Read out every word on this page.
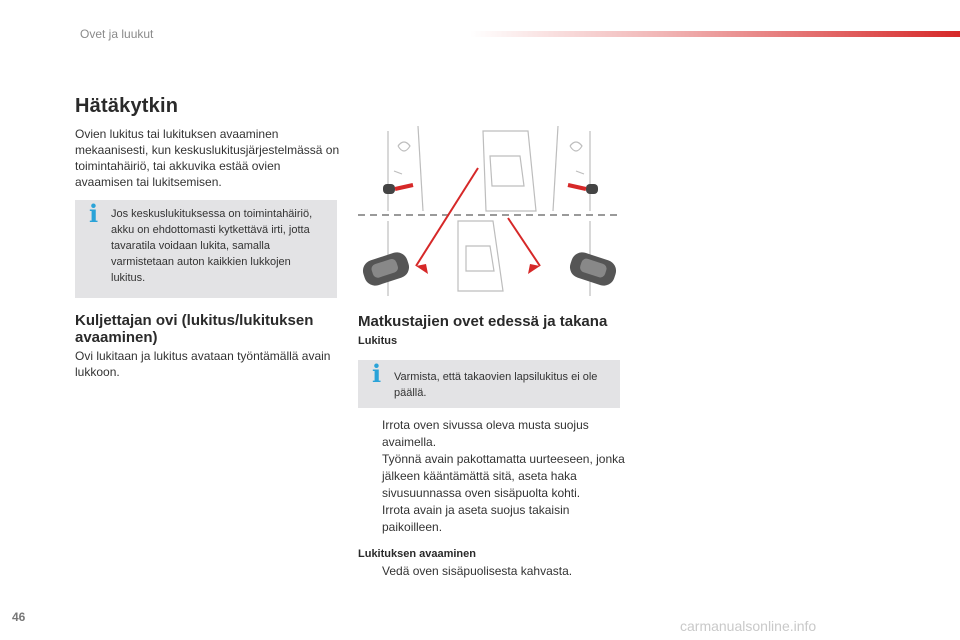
Ovet ja luukut
Hätäkytkin

Ovien lukitus tai lukituksen avaaminen mekaanisesti, kun keskuslukitusjärjestelmässä on toimintahäiriö, tai akkuvika estää ovien avaamisen tai lukitsemisen.

i Jos keskuslukituksessa on toimintahäiriö, akku on ehdottomasti kytkettävä irti, jotta tavaratila voidaan lukita, samalla varmistetaan auton kaikkien lukkojen lukitus.

Kuljettajan ovi (lukitus/lukituksen avaaminen)

Ovi lukitaan ja lukitus avataan työntämällä avain lukkoon.

Matkustajien ovet edessä ja takana

Lukitus

i Varmista, että takaovien lapsilukitus ei ole päällä.

Irrota oven sivussa oleva musta suojus avaimella.
Työnnä avain pakottamatta uurteeseen, jonka jälkeen kääntämättä sitä, aseta haka sivusuunnassa oven sisäpuolta kohti.
Irrota avain ja aseta suojus takaisin paikoilleen.

Lukituksen avaaminen

Vedä oven sisäpuolisesta kahvasta.
46
carmanualsonline.info
